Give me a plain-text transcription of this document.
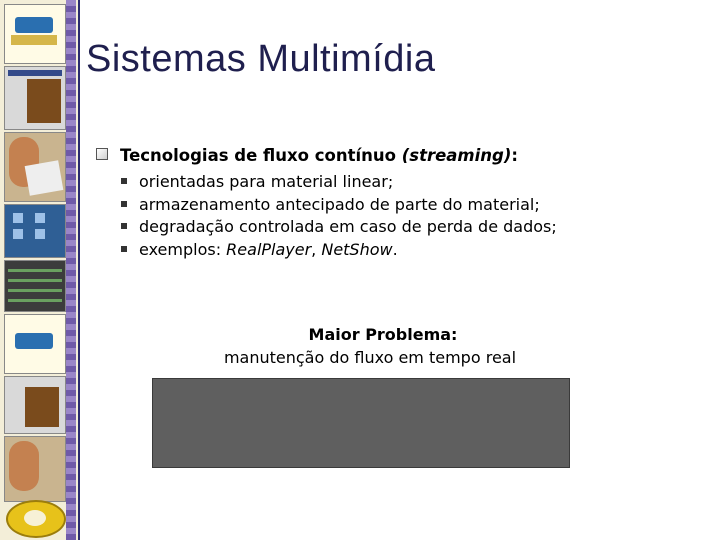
Sistemas Multimídia
Tecnologias de fluxo contínuo (streaming):
orientadas para material linear;
armazenamento antecipado de parte do material;
degradação controlada em caso de perda de dados;
exemplos: RealPlayer, NetShow.
Maior Problema:
manutenção do fluxo em tempo real
